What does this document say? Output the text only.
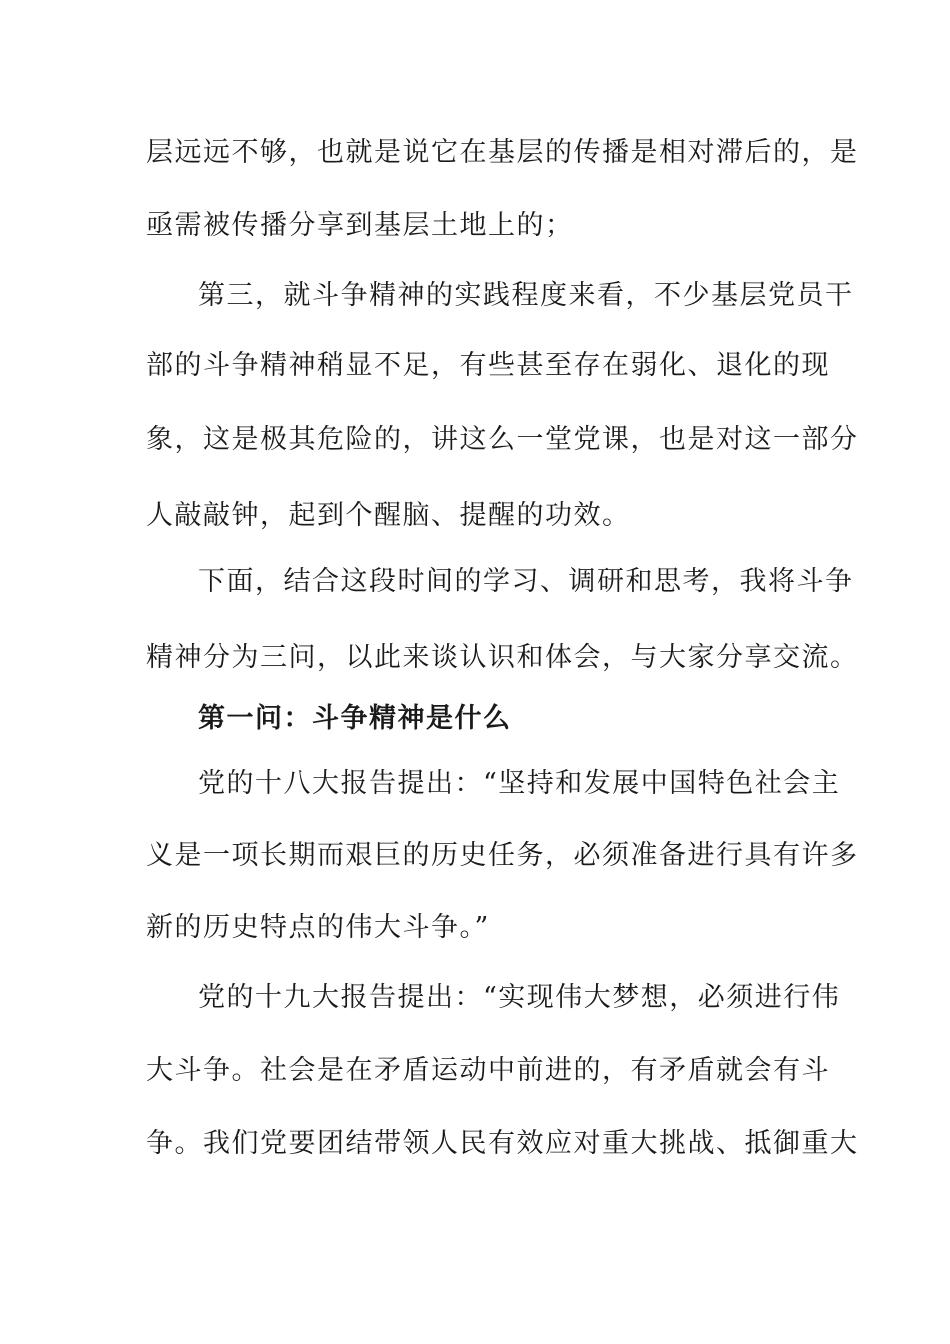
层远远不够，也就是说它在基层的传播是相对滞后的，是
亟需被传播分享到基层土地上的；
第三，就斗争精神的实践程度来看，不少基层党员干
部的斗争精神稍显不足，有些甚至存在弱化、退化的现
象，这是极其危险的，讲这么一堂党课，也是对这一部分
人敲敲钟，起到个醒脑、提醒的功效。
下面，结合这段时间的学习、调研和思考，我将斗争
精神分为三问，以此来谈认识和体会，与大家分享交流。
第一问：斗争精神是什么
党的十八大报告提出：“坚持和发展中国特色社会主
义是一项长期而艰巨的历史任务，必须准备进行具有许多
新的历史特点的伟大斗争。”
党的十九大报告提出：“实现伟大梦想，必须进行伟
大斗争。社会是在矛盾运动中前进的，有矛盾就会有斗
争。我们党要团结带领人民有效应对重大挑战、抵御重大
